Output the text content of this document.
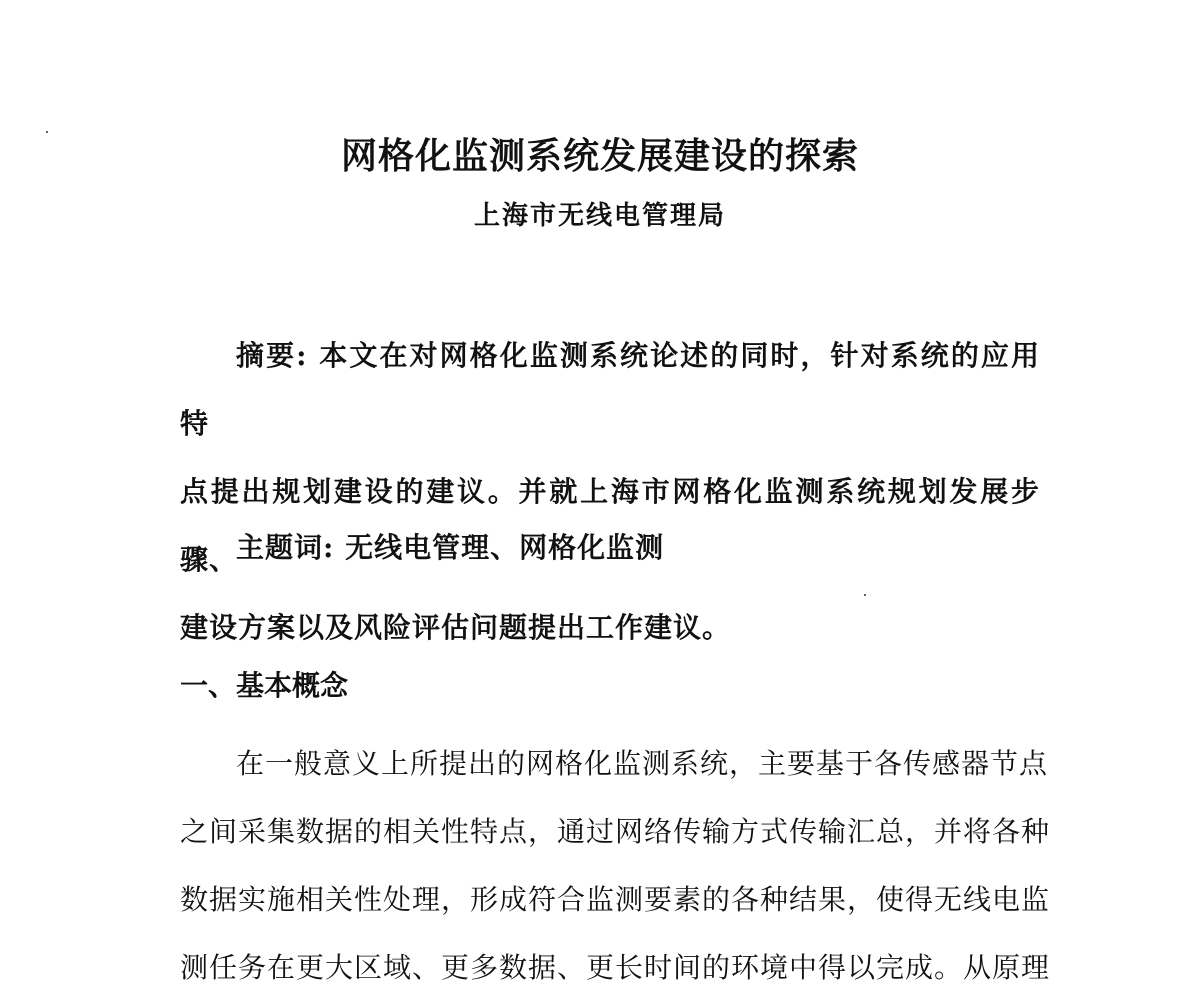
网格化监测系统发展建设的探索
上海市无线电管理局
摘要: 本文在对网格化监测系统论述的同时，针对系统的应用特
点提出规划建设的建议。并就上海市网格化监测系统规划发展步骤、
建设方案以及风险评估问题提出工作建议。

主题词: 无线电管理、网格化监测

一、基本概念
在一般意义上所提出的网格化监测系统，主要基于各传感器节点
之间采集数据的相关性特点，通过网络传输方式传输汇总，并将各种
数据实施相关性处理，形成符合监测要素的各种结果，使得无线电监
测任务在更大区域、更多数据、更长时间的环境中得以完成。从原理
